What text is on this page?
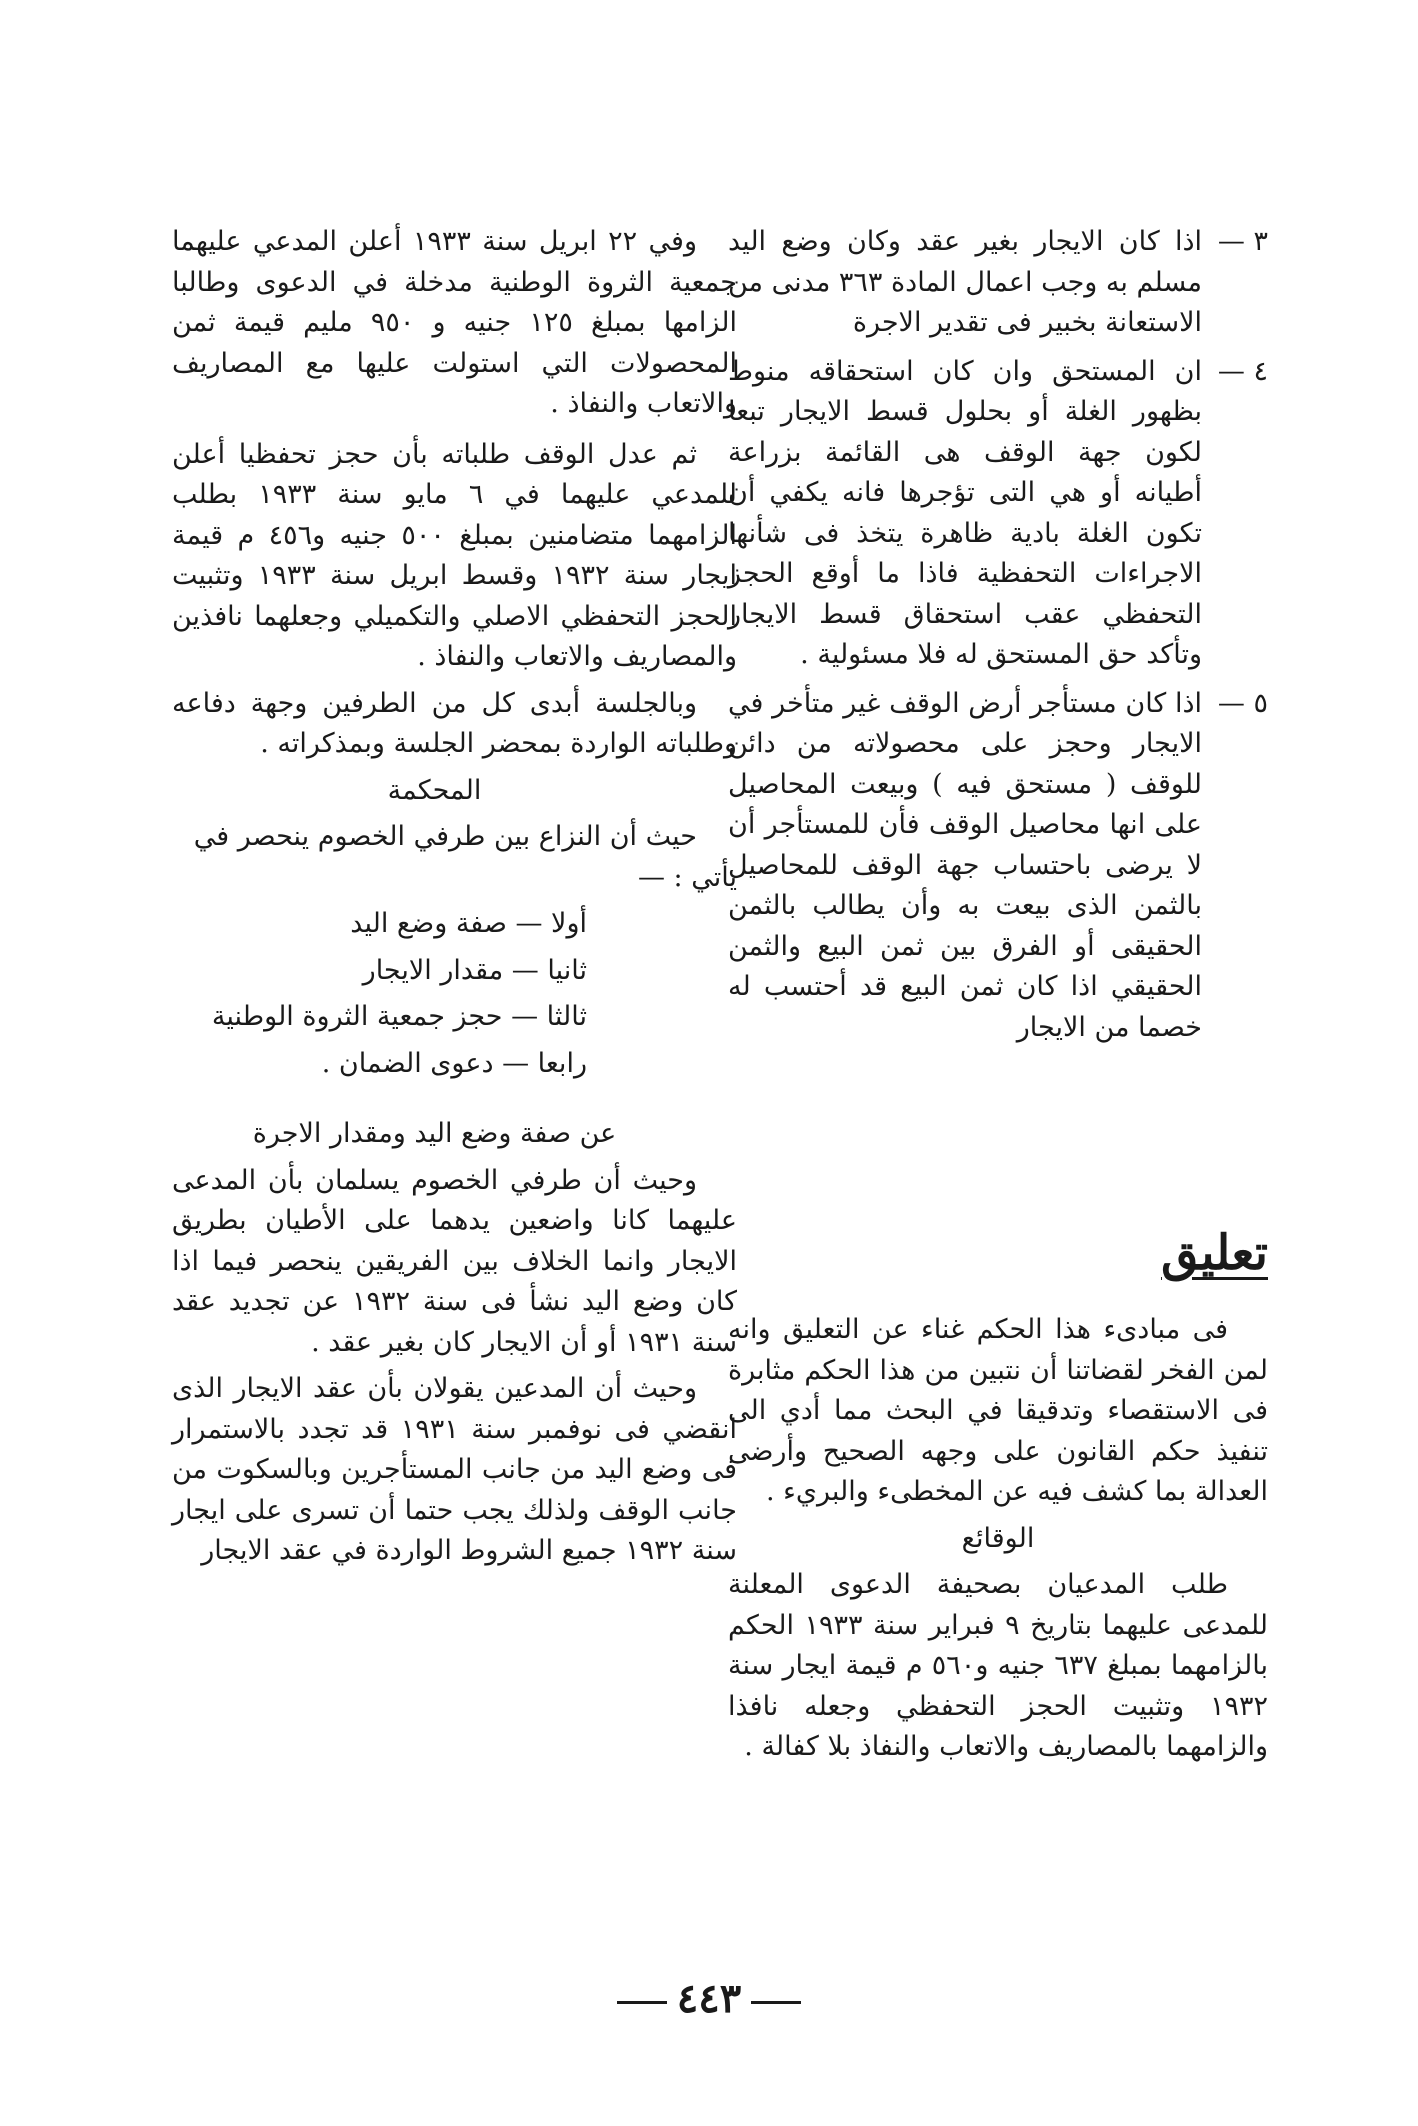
٣ —
اذا كان الايجار بغير عقد وكان وضع اليد مسلم به وجب اعمال المادة ٣٦٣ مدنى من الاستعانة بخبير فى تقدير الاجرة
٤ —
ان المستحق وان كان استحقاقه منوط بظهور الغلة أو بحلول قسط الايجار تبعا لكون جهة الوقف هى القائمة بزراعة أطيانه أو هي التى تؤجرها فانه يكفي أن تكون الغلة بادية ظاهرة يتخذ فى شأنها الاجراءات التحفظية فاذا ما أوقع الحجز التحفظي عقب استحقاق قسط الايجار وتأكد حق المستحق له فلا مسئولية .
٥ —
اذا كان مستأجر أرض الوقف غير متأخر في الايجار وحجز على محصولاته من دائن للوقف ( مستحق فيه ) وبيعت المحاصيل على انها محاصيل الوقف فأن للمستأجر أن لا يرضى باحتساب جهة الوقف للمحاصيل بالثمن الذى بيعت به وأن يطالب بالثمن الحقيقى أو الفرق بين ثمن البيع والثمن الحقيقي اذا كان ثمن البيع قد أحتسب له خصما من الايجار
تعليق

فى مبادىء هذا الحكم غناء عن التعليق وانه لمن الفخر لقضاتنا أن نتبين من هذا الحكم مثابرة فى الاستقصاء وتدقيقا في البحث مما أدي الى تنفيذ حكم القانون على وجهه الصحيح وأرضى العدالة بما كشف فيه عن المخطىء والبريء .

الوقائع

طلب المدعيان بصحيفة الدعوى المعلنة للمدعى عليهما بتاريخ ٩ فبراير سنة ١٩٣٣ الحكم بالزامهما بمبلغ ٦٣٧ جنيه و٥٦٠ م قيمة ايجار سنة ١٩٣٢ وتثبيت الحجز التحفظي وجعله نافذا والزامهما بالمصاريف والاتعاب والنفاذ بلا كفالة .

وفي ٢٢ ابريل سنة ١٩٣٣ أعلن المدعي عليهما جمعية الثروة الوطنية مدخلة في الدعوى وطالبا الزامها بمبلغ ١٢٥ جنيه و ٩٥٠ مليم قيمة ثمن المحصولات التي استولت عليها مع المصاريف والاتعاب والنفاذ .

ثم عدل الوقف طلباته بأن حجز تحفظيا أعلن للمدعي عليهما في ٦ مايو سنة ١٩٣٣ بطلب الزامهما متضامنين بمبلغ ٥٠٠ جنيه و٤٥٦ م قيمة ايجار سنة ١٩٣٢ وقسط ابريل سنة ١٩٣٣ وتثبيت الحجز التحفظي الاصلي والتكميلي وجعلهما نافذين والمصاريف والاتعاب والنفاذ .

وبالجلسة أبدى كل من الطرفين وجهة دفاعه وطلباته الواردة بمحضر الجلسة وبمذكراته .

المحكمة

حيث أن النزاع بين طرفي الخصوم ينحصر في
يأتي : —

أولا — صفة وضع اليد

ثانيا — مقدار الايجار

ثالثا — حجز جمعية الثروة الوطنية

رابعا — دعوى الضمان .

عن صفة وضع اليد ومقدار الاجرة

وحيث أن طرفي الخصوم يسلمان بأن المدعى عليهما كانا واضعين يدهما على الأطيان بطريق الايجار وانما الخلاف بين الفريقين ينحصر فيما اذا كان وضع اليد نشأ فى سنة ١٩٣٢ عن تجديد عقد سنة ١٩٣١ أو أن الايجار كان بغير عقد .

وحيث أن المدعين يقولان بأن عقد الايجار الذى انقضي فى نوفمبر سنة ١٩٣١ قد تجدد بالاستمرار فى وضع اليد من جانب المستأجرين وبالسكوت من جانب الوقف ولذلك يجب حتما أن تسرى على ايجار سنة ١٩٣٢ جميع الشروط الواردة في عقد الايجار

٤٤٣
